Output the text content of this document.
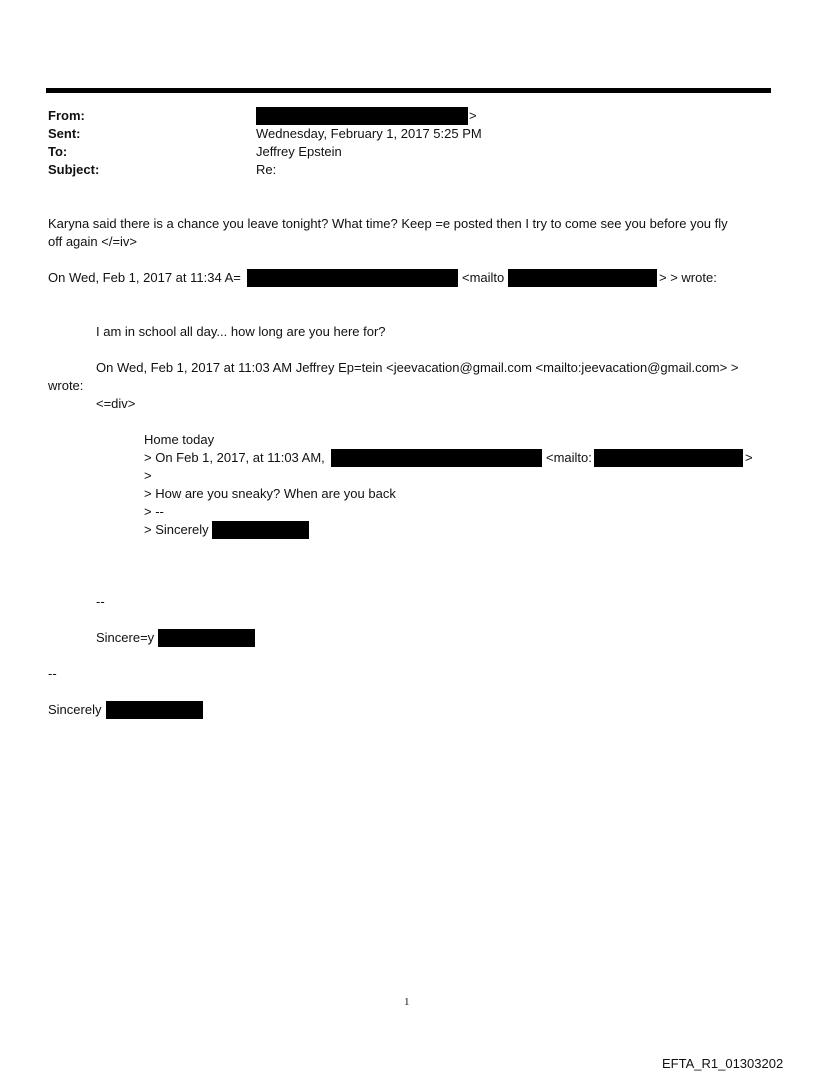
From:	>
Sent:	Wednesday, February 1, 2017 5:25 PM
To:	Jeffrey Epstein
Subject:	Re:
Karyna said there is a chance you leave tonight? What time? Keep =e posted then I try to come see you before you fly
off again </=iv>
On Wed, Feb 1, 2017 at 11:34 A=	<mailto	> > wrote:
I am in school all day... how long are you here for?
On Wed, Feb 1, 2017 at 11:03 AM Jeffrey Ep=tein <jeevacation@gmail.com <mailto:jeevacation@gmail.com> >
wrote:
<=div>
Home today
> On Feb 1, 2017, at 11:03 AM,	<mailto:	>
>
> How are you sneaky? When are you back
> --
> Sincerely
--
Sincere=y
--
Sincerely
1
EFTA_R1_01303202
